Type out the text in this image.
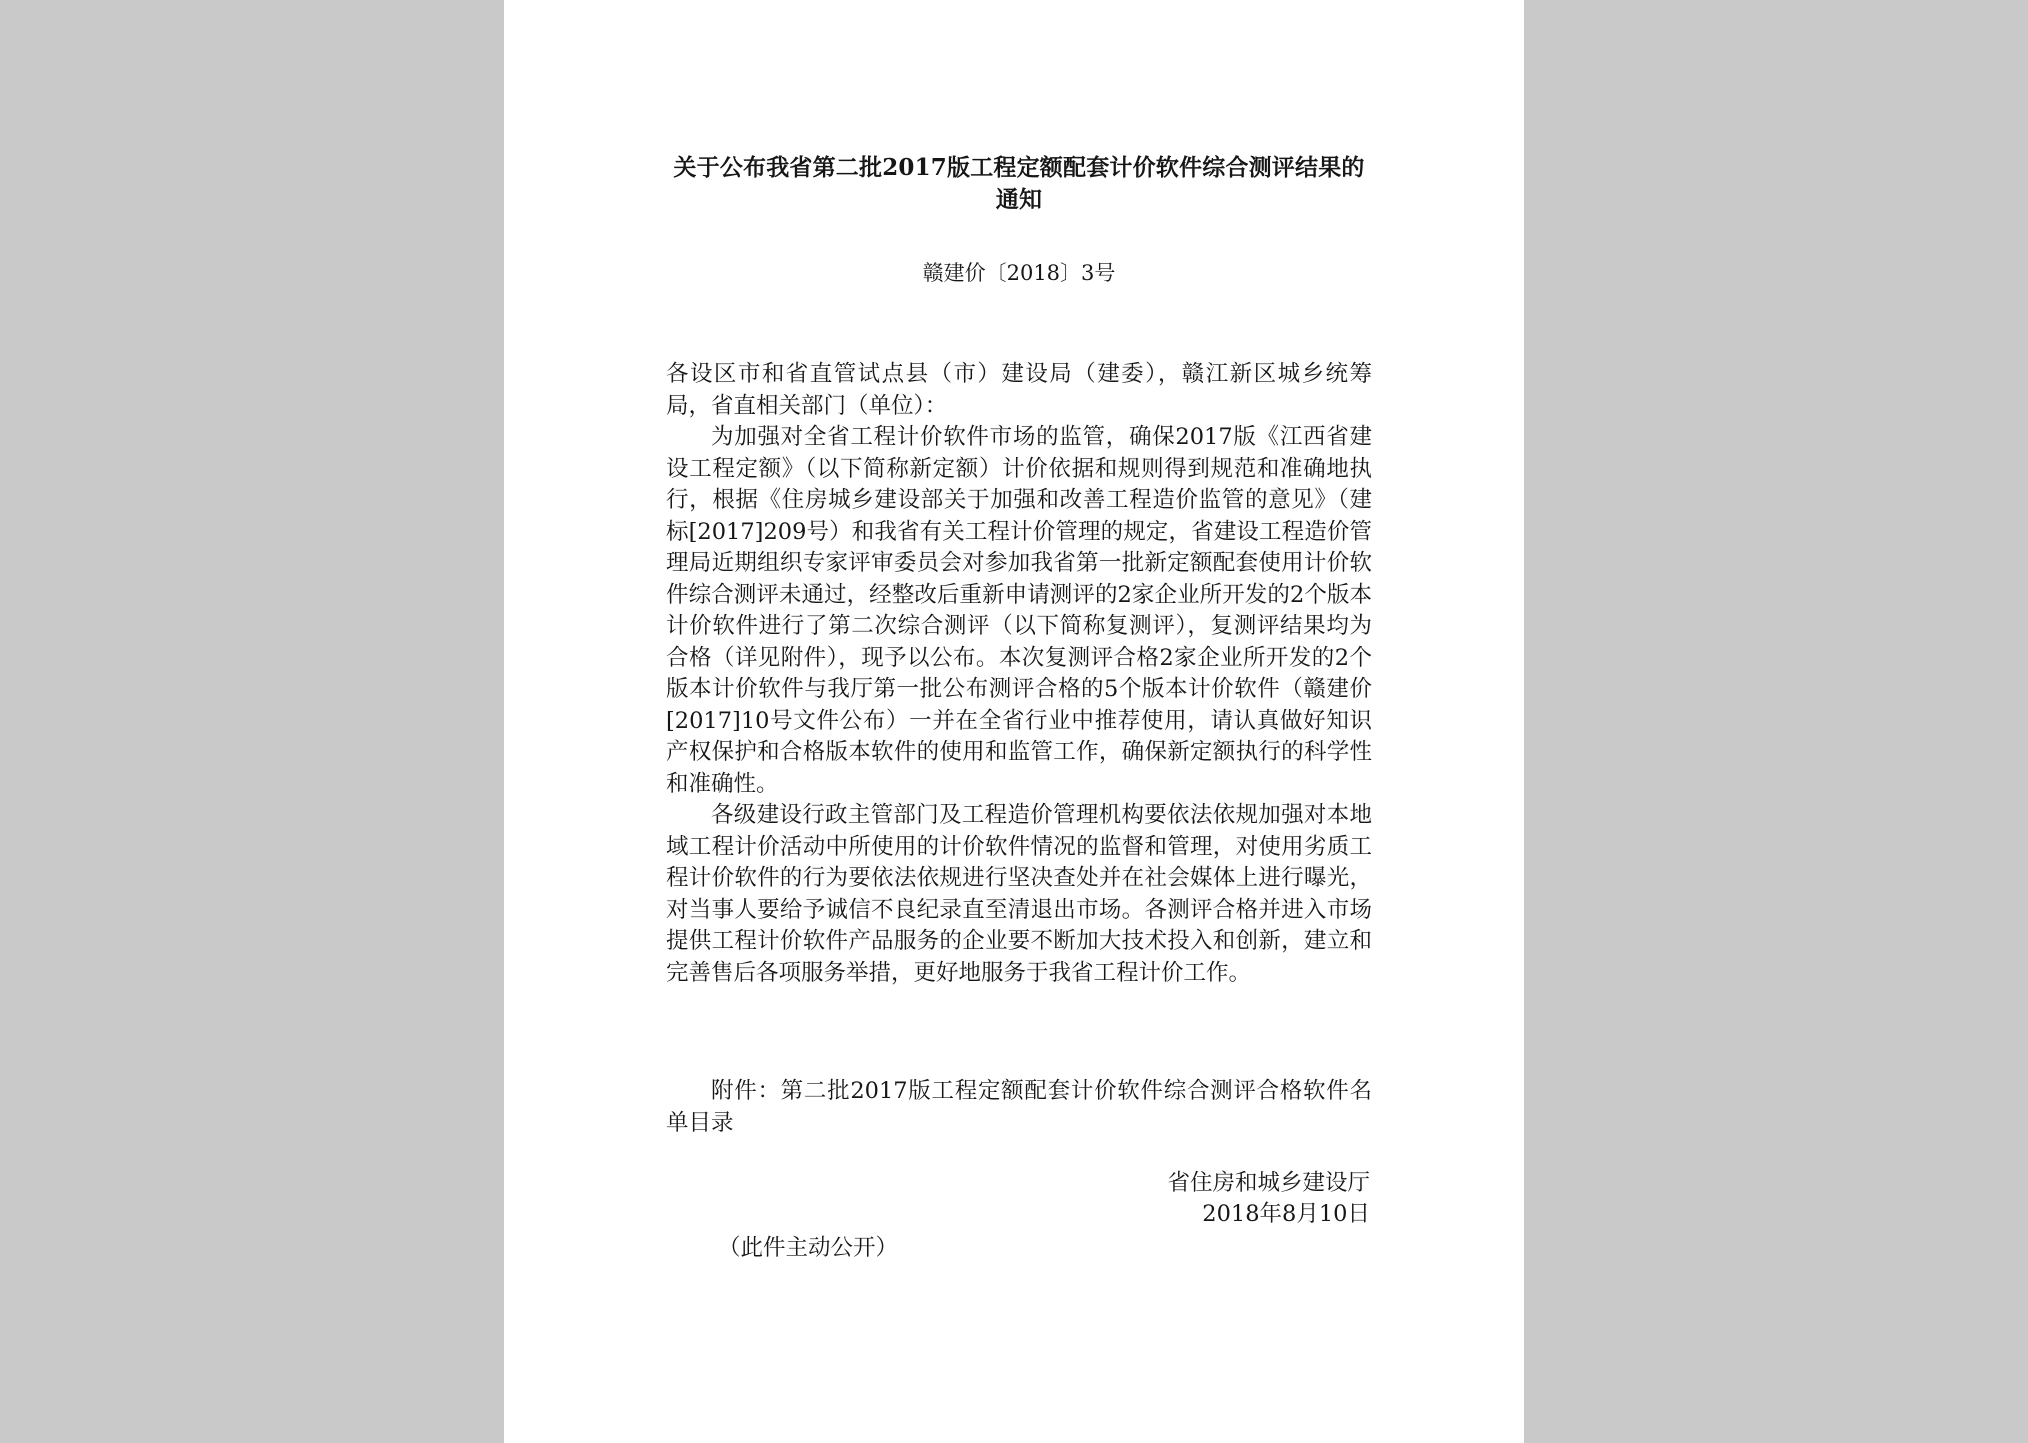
关于公布我省第二批2017版工程定额配套计价软件综合测评结果的通知
赣建价〔2018〕3号

各设区市和省直管试点县（市）建设局（建委），赣江新区城乡统筹局，省直相关部门（单位）：

为加强对全省工程计价软件市场的监管，确保2017版《江西省建设工程定额》（以下简称新定额）计价依据和规则得到规范和准确地执行，根据《住房城乡建设部关于加强和改善工程造价监管的意见》（建标[2017]209号）和我省有关工程计价管理的规定，省建设工程造价管理局近期组织专家评审委员会对参加我省第一批新定额配套使用计价软件综合测评未通过，经整改后重新申请测评的2家企业所开发的2个版本计价软件进行了第二次综合测评（以下简称复测评），复测评结果均为合格（详见附件），现予以公布。本次复测评合格2家企业所开发的2个版本计价软件与我厅第一批公布测评合格的5个版本计价软件（赣建价[2017]10号文件公布）一并在全省行业中推荐使用，请认真做好知识产权保护和合格版本软件的使用和监管工作，确保新定额执行的科学性和准确性。

各级建设行政主管部门及工程造价管理机构要依法依规加强对本地域工程计价活动中所使用的计价软件情况的监督和管理，对使用劣质工程计价软件的行为要依法依规进行坚决查处并在社会媒体上进行曝光，对当事人要给予诚信不良纪录直至清退出市场。各测评合格并进入市场提供工程计价软件产品服务的企业要不断加大技术投入和创新，建立和完善售后各项服务举措，更好地服务于我省工程计价工作。

附件：第二批2017版工程定额配套计价软件综合测评合格软件名单目录
省住房和城乡建设厅
2018年8月10日
（此件主动公开）
